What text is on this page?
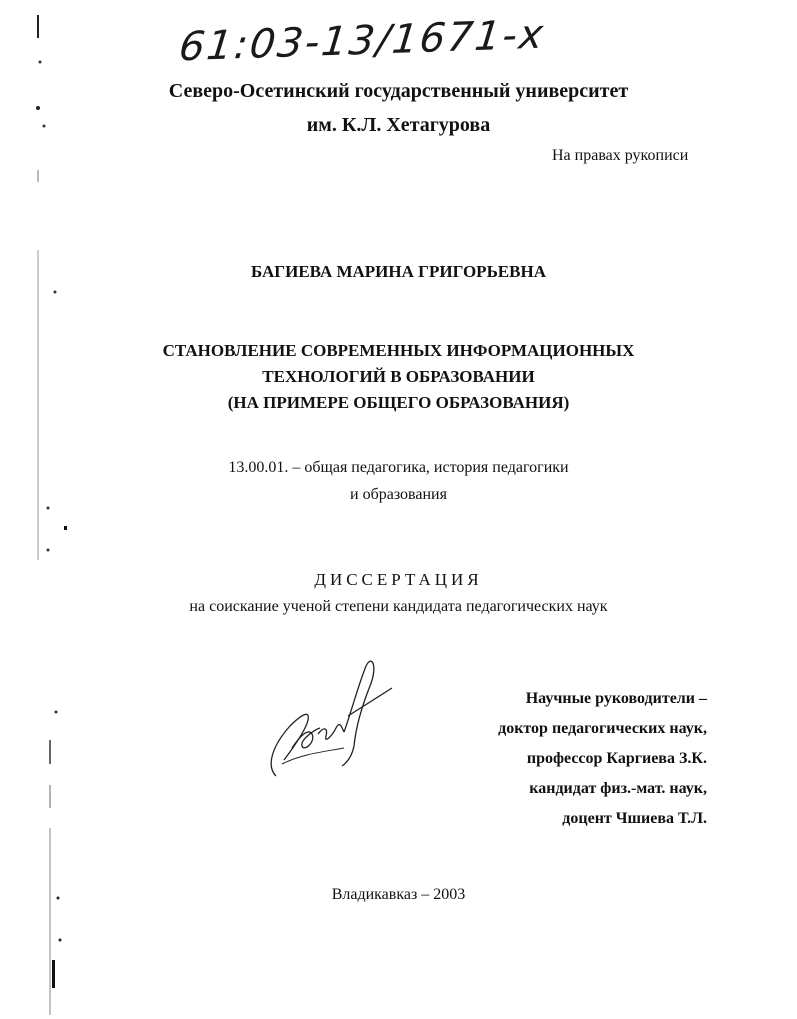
61:03-13/1671-х
Северо-Осетинский государственный университет
им. К.Л. Хетагурова
На правах рукописи
БАГИЕВА МАРИНА ГРИГОРЬЕВНА
СТАНОВЛЕНИЕ СОВРЕМЕННЫХ ИНФОРМАЦИОННЫХ
ТЕХНОЛОГИЙ В ОБРАЗОВАНИИ
(НА ПРИМЕРЕ ОБЩЕГО ОБРАЗОВАНИЯ)
13.00.01. – общая педагогика, история педагогики
и образования
ДИССЕРТАЦИЯ
на соискание ученой степени кандидата педагогических наук
Научные руководители –
доктор педагогических наук,
профессор Каргиева З.К.
кандидат физ.-мат. наук,
доцент Чшиева Т.Л.
Владикавказ – 2003
